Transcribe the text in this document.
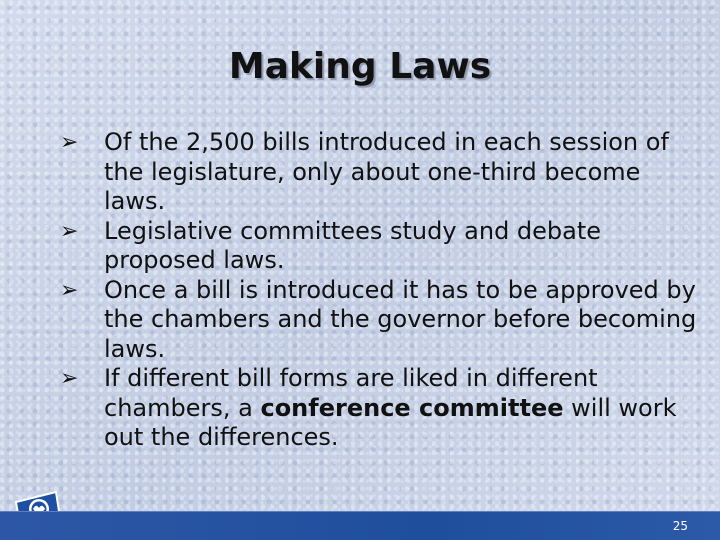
Making Laws
➢ Of the 2,500 bills introduced in each session of the legislature, only about one-third become laws.
➢ Legislative committees study and debate proposed laws.
➢ Once a bill is introduced it has to be approved by the chambers and the governor before becoming laws.
➢ If different bill forms are liked in different chambers, a conference committee will work out the differences.
25
